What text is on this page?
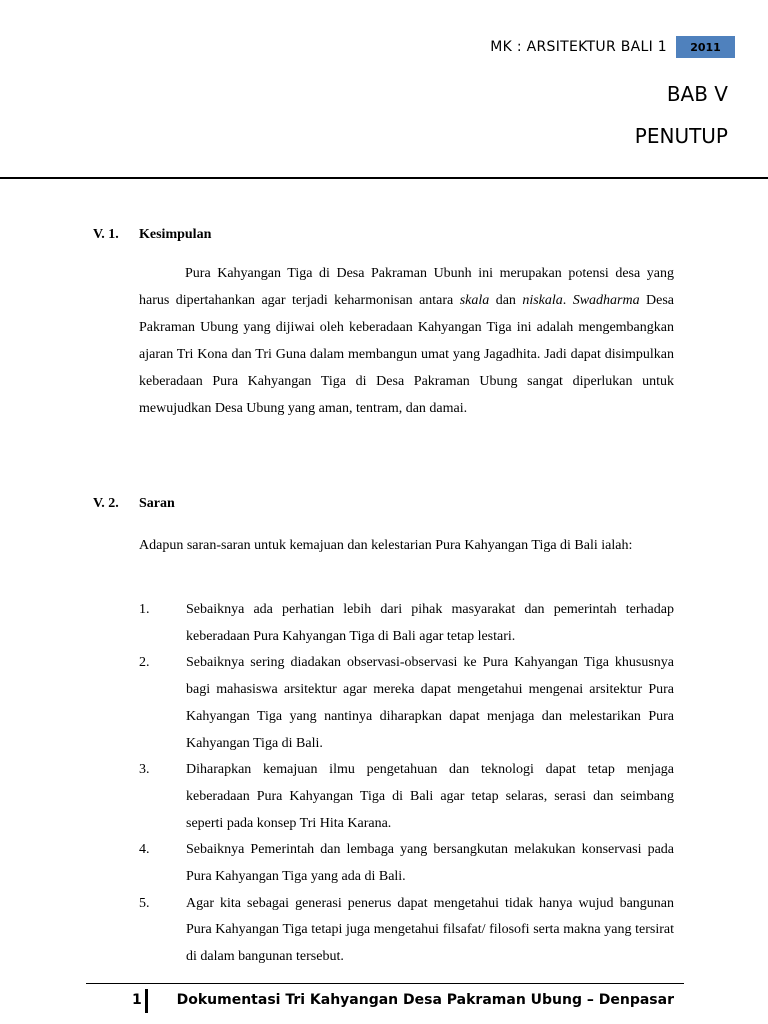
MK : ARSITEKTUR BALI 1	2011
BAB V
PENUTUP
V. 1. Kesimpulan
Pura Kahyangan Tiga di Desa Pakraman Ubunh ini merupakan potensi desa yang harus dipertahankan agar terjadi keharmonisan antara skala dan niskala. Swadharma Desa Pakraman Ubung yang dijiwai oleh keberadaan Kahyangan Tiga ini adalah mengembangkan ajaran Tri Kona dan Tri Guna dalam membangun umat yang Jagadhita. Jadi dapat disimpulkan keberadaan Pura Kahyangan Tiga di Desa Pakraman Ubung sangat diperlukan untuk mewujudkan Desa Ubung yang aman, tentram, dan damai.
V. 2. Saran
Adapun saran-saran untuk kemajuan dan kelestarian Pura Kahyangan Tiga di Bali ialah:
1.	Sebaiknya ada perhatian lebih dari pihak masyarakat dan pemerintah terhadap keberadaan Pura Kahyangan Tiga di Bali agar tetap lestari.
2.	Sebaiknya sering diadakan observasi-observasi ke Pura Kahyangan Tiga khususnya bagi mahasiswa arsitektur agar mereka dapat mengetahui mengenai arsitektur Pura Kahyangan Tiga yang nantinya diharapkan dapat menjaga dan melestarikan Pura Kahyangan Tiga di Bali.
3.	Diharapkan kemajuan ilmu pengetahuan dan teknologi dapat tetap menjaga keberadaan Pura Kahyangan Tiga di Bali agar tetap selaras, serasi dan seimbang seperti pada konsep Tri Hita Karana.
4.	Sebaiknya Pemerintah dan lembaga yang bersangkutan melakukan konservasi pada Pura Kahyangan Tiga yang ada di Bali.
5.	Agar kita sebagai generasi penerus dapat mengetahui tidak hanya wujud bangunan Pura Kahyangan Tiga tetapi juga mengetahui filsafat/ filosofi serta makna yang tersirat di dalam bangunan tersebut.
1 Dokumentasi Tri Kahyangan Desa Pakraman Ubung – Denpasar
